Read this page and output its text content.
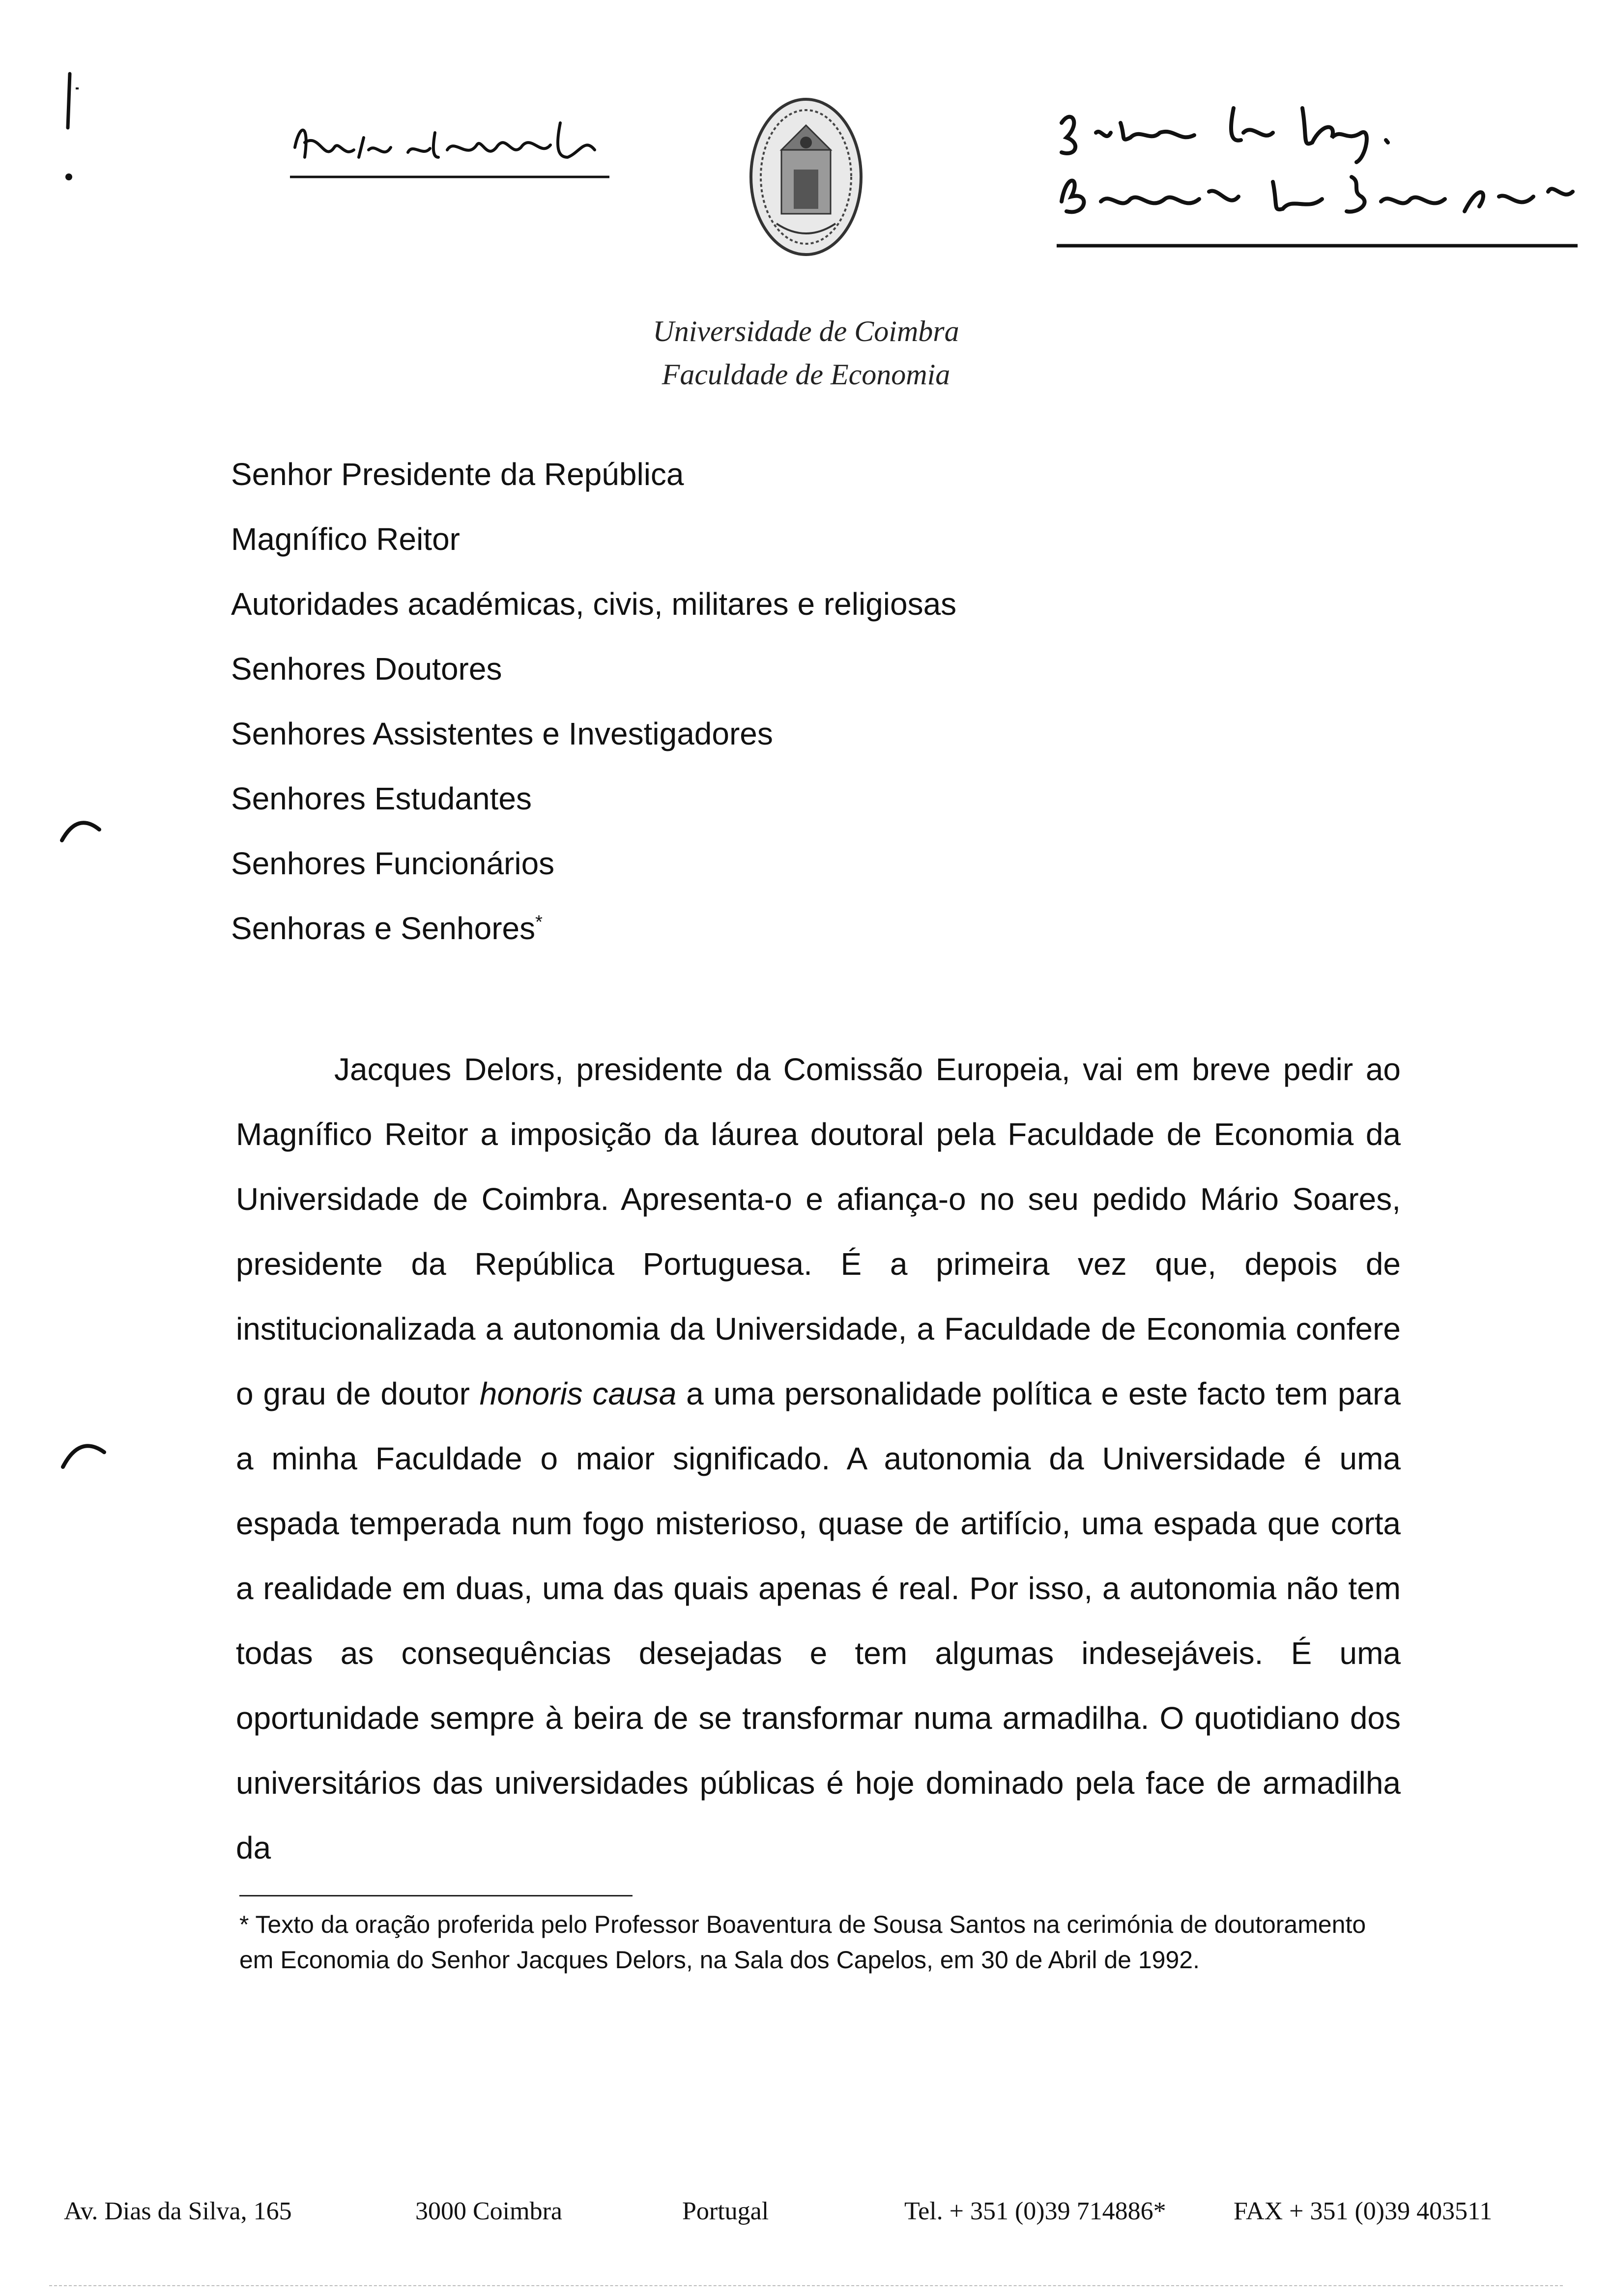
Universidade de Coimbra
Faculdade de Economia
Senhor Presidente da República
Magnífico Reitor
Autoridades académicas, civis, militares e religiosas
Senhores Doutores
Senhores Assistentes e Investigadores
Senhores Estudantes
Senhores Funcionários
Senhoras e Senhores*

Jacques Delors, presidente da Comissão Europeia, vai em breve pedir ao Magnífico Reitor a imposição da láurea doutoral pela Faculdade de Economia da Universidade de Coimbra. Apresenta-o e afiança-o no seu pedido Mário Soares, presidente da República Portuguesa. É a primeira vez que, depois de institucionalizada a autonomia da Universidade, a Faculdade de Economia confere o grau de doutor honoris causa a uma personalidade política e este facto tem para a minha Faculdade o maior significado. A autonomia da Universidade é uma espada temperada num fogo misterioso, quase de artifício, uma espada que corta a realidade em duas, uma das quais apenas é real. Por isso, a autonomia não tem todas as consequências desejadas e tem algumas indesejáveis. É uma oportunidade sempre à beira de se transformar numa armadilha. O quotidiano dos universitários das universidades públicas é hoje dominado pela face de armadilha da

* Texto da oração proferida pelo Professor Boaventura de Sousa Santos na cerimónia de doutoramento em Economia do Senhor Jacques Delors, na Sala dos Capelos, em 30 de Abril de 1992.

Av. Dias da Silva, 165	3000 Coimbra	Portugal	Tel. + 351 (0)39 714886*	FAX + 351 (0)39 403511
